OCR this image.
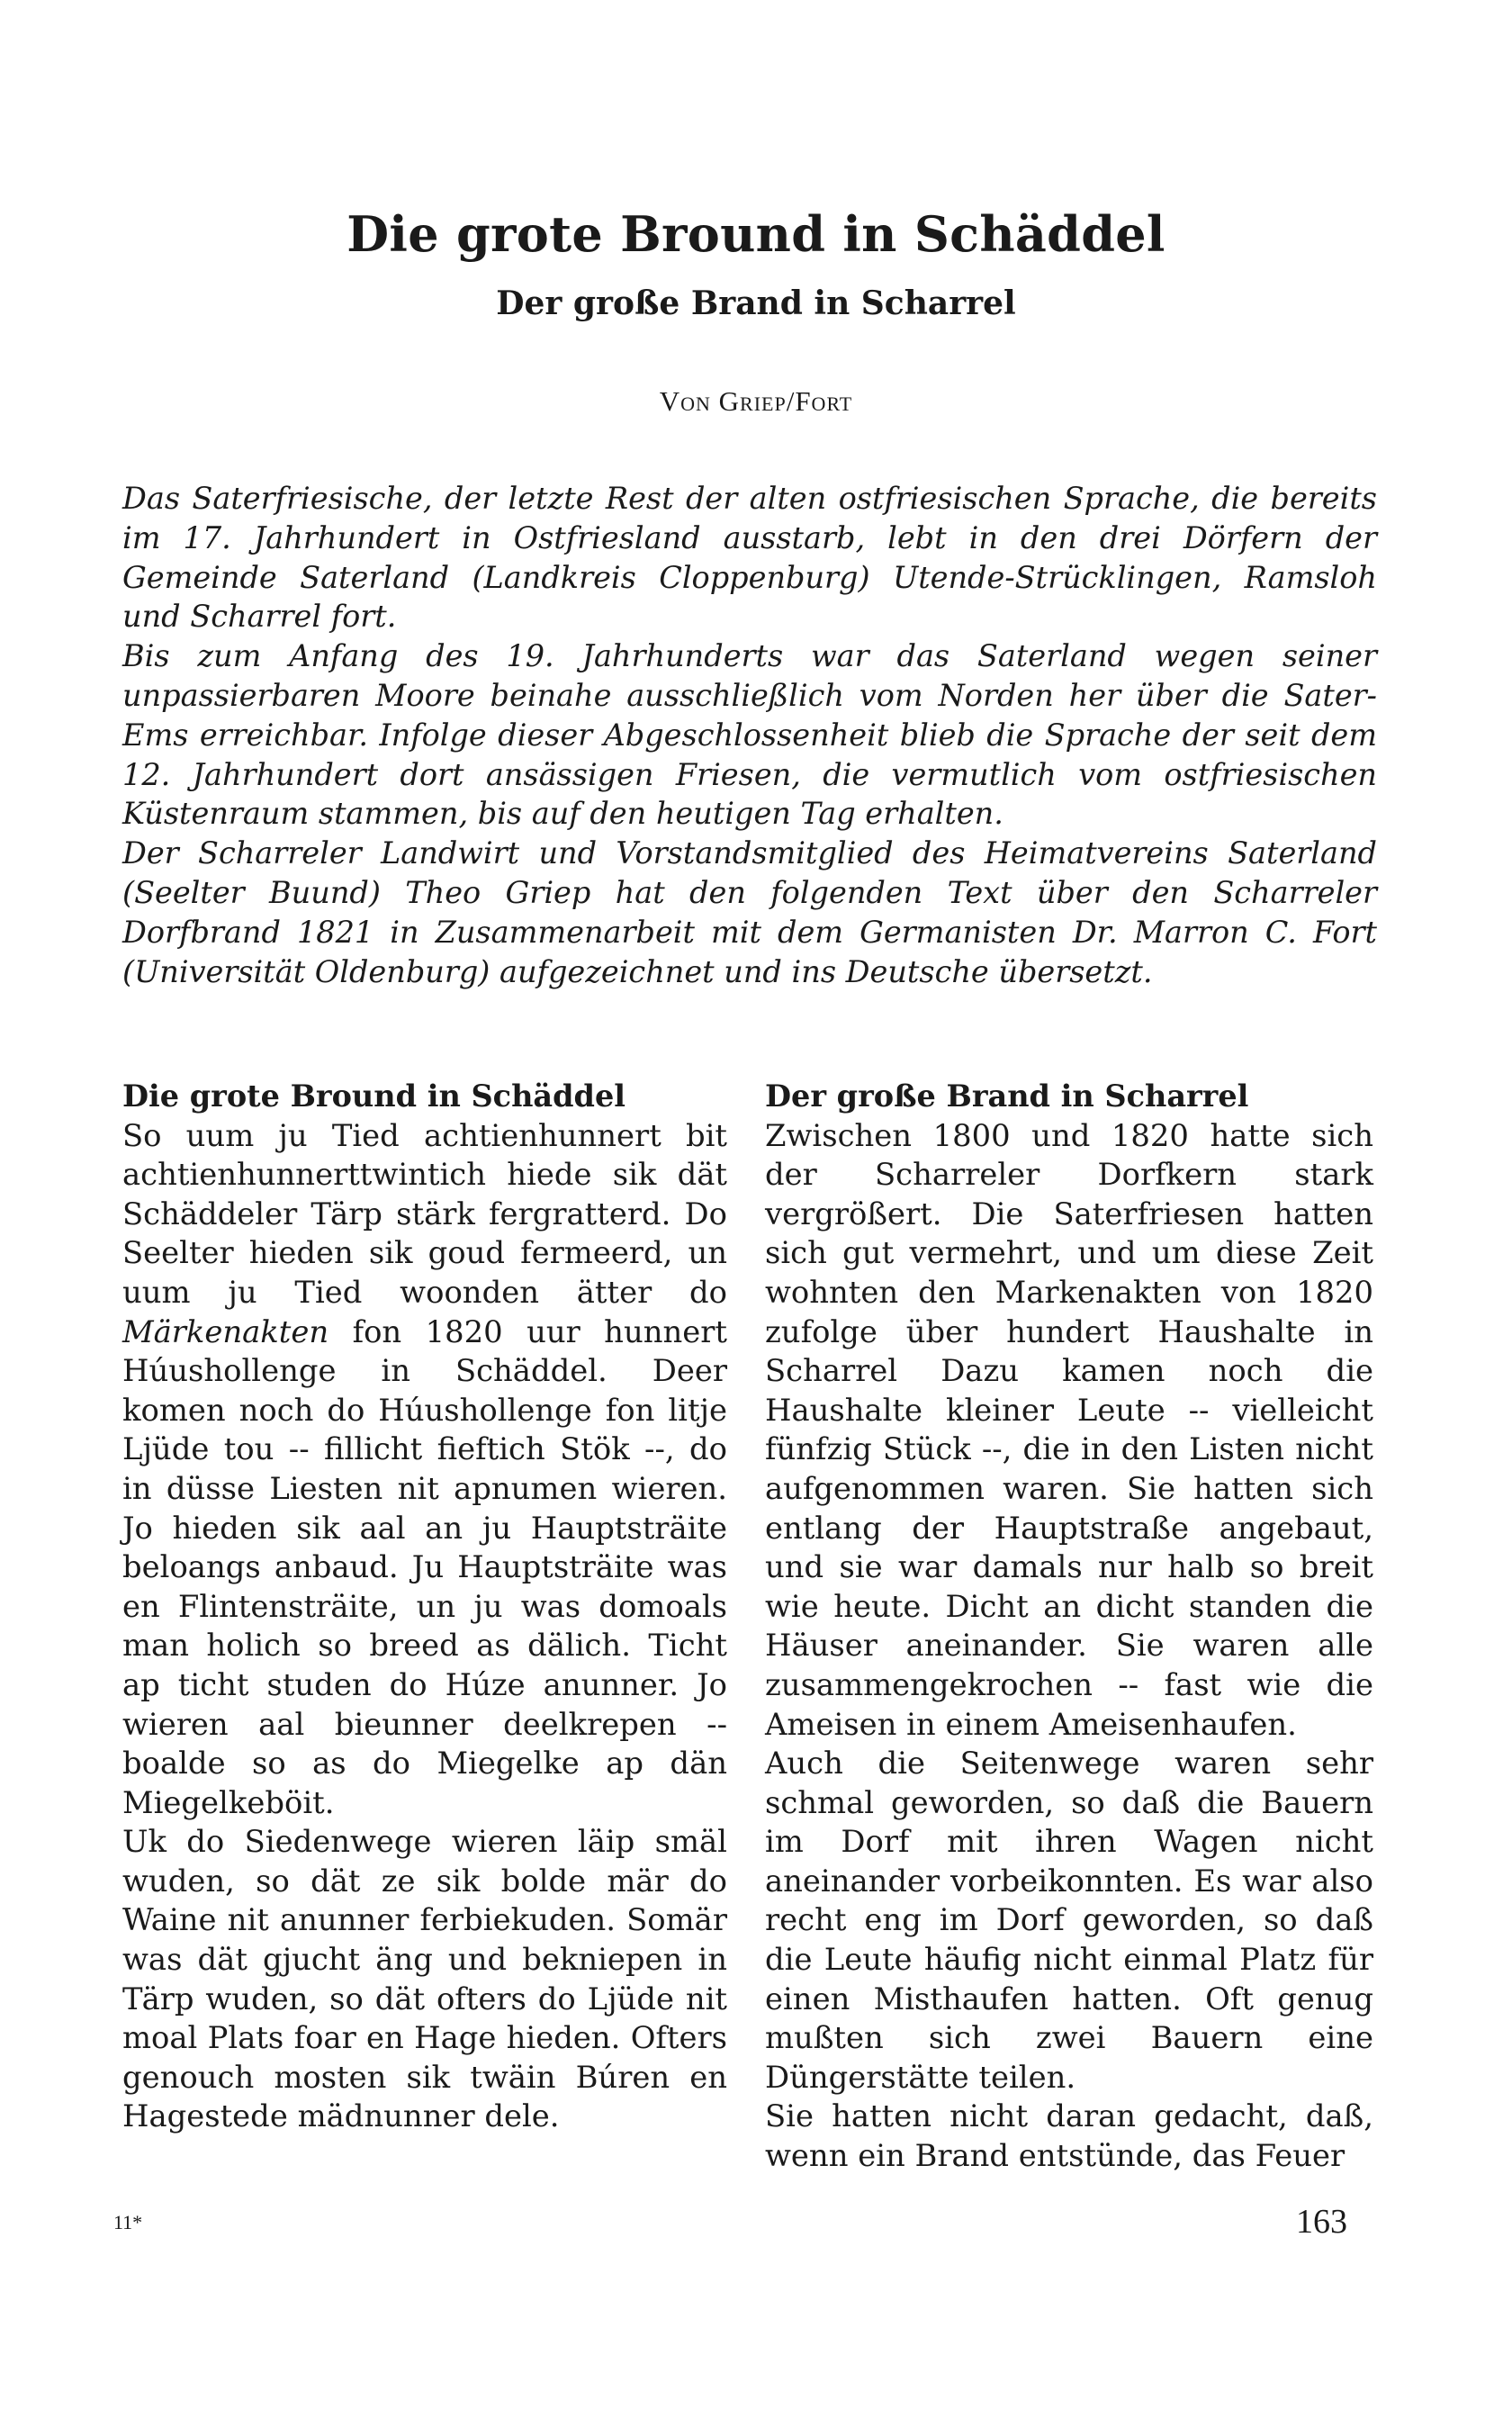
Die grote Bround in Schäddel
Der große Brand in Scharrel
Von Griep/Fort

Das Saterfriesische, der letzte Rest der alten ostfriesischen Sprache, die bereits im 17. Jahrhundert in Ostfriesland ausstarb, lebt in den drei Dörfern der Gemeinde Saterland (Landkreis Cloppenburg) Utende-Strücklingen, Ramsloh und Scharrel fort.

Bis zum Anfang des 19. Jahrhunderts war das Saterland wegen seiner unpassierbaren Moore beinahe ausschließlich vom Norden her über die Sater-Ems erreichbar. Infolge dieser Abgeschlossenheit blieb die Sprache der seit dem 12. Jahrhundert dort ansässigen Friesen, die vermutlich vom ostfriesischen Küstenraum stammen, bis auf den heutigen Tag erhalten.

Der Scharreler Landwirt und Vorstandsmitglied des Heimatvereins Saterland (Seelter Buund) Theo Griep hat den folgenden Text über den Scharreler Dorfbrand 1821 in Zusammenarbeit mit dem Germanisten Dr. Marron C. Fort (Universität Oldenburg) aufgezeichnet und ins Deutsche übersetzt.

Die grote Bround in Schäddel

So uum ju Tied achtienhunnert bit achtienhunnerttwintich hiede sik dät Schäddeler Tärp stärk fergratterd. Do Seelter hieden sik goud fermeerd, un uum ju Tied woonden ätter do Märkenakten fon 1820 uur hunnert Húushollenge in Schäddel. Deer komen noch do Húushollenge fon litje Ljüde tou -- fillicht fieftich Stök --, do in düsse Liesten nit apnumen wieren. Jo hieden sik aal an ju Hauptsträite beloangs anbaud. Ju Hauptsträite was en Flintensträite, un ju was domoals man holich so breed as dälich. Ticht ap ticht studen do Húze anunner. Jo wieren aal bieunner deelkrepen -- boalde so as do Miegelke ap dän Miegelkeböit.

Uk do Siedenwege wieren läip smäl wuden, so dät ze sik bolde mär do Waine nit anunner ferbiekuden. Somär was dät gjucht äng und bekniepen in Tärp wuden, so dät ofters do Ljüde nit moal Plats foar en Hage hieden. Ofters genouch mosten sik twäin Búren en Hagestede mädnunner dele.

Der große Brand in Scharrel

Zwischen 1800 und 1820 hatte sich der Scharreler Dorfkern stark vergrößert. Die Saterfriesen hatten sich gut vermehrt, und um diese Zeit wohnten den Markenakten von 1820 zufolge über hundert Haushalte in Scharrel Dazu kamen noch die Haushalte kleiner Leute -- vielleicht fünfzig Stück --, die in den Listen nicht aufgenommen waren. Sie hatten sich entlang der Hauptstraße angebaut, und sie war damals nur halb so breit wie heute. Dicht an dicht standen die Häuser aneinander. Sie waren alle zusammengekrochen -- fast wie die Ameisen in einem Ameisenhaufen.

Auch die Seitenwege waren sehr schmal geworden, so daß die Bauern im Dorf mit ihren Wagen nicht aneinander vorbeikonnten. Es war also recht eng im Dorf geworden, so daß die Leute häufig nicht einmal Platz für einen Misthaufen hatten. Oft genug mußten sich zwei Bauern eine Düngerstätte teilen.

Sie hatten nicht daran gedacht, daß, wenn ein Brand entstünde, das Feuer

11*	163
